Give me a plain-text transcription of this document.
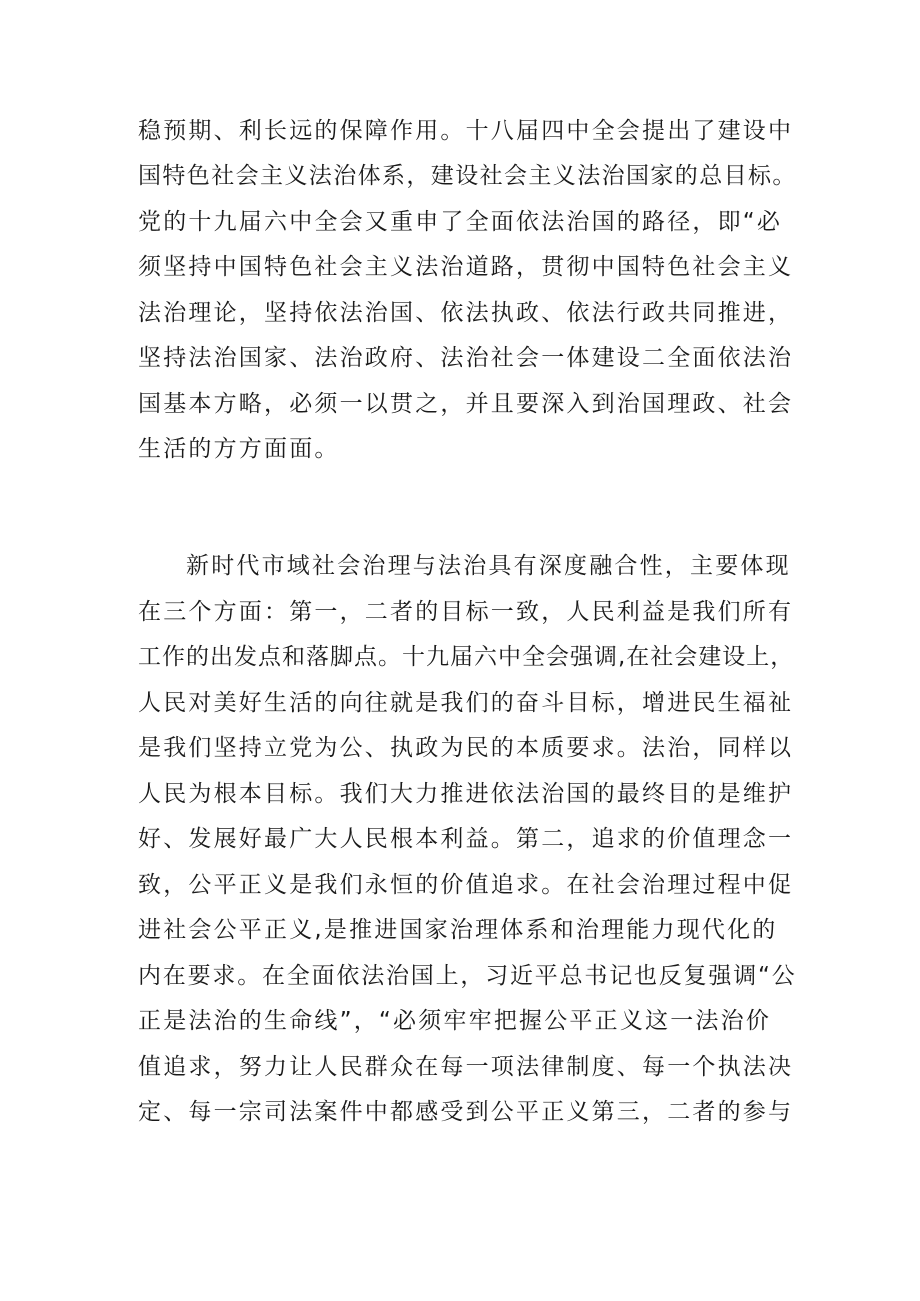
稳预期、利长远的保障作用。十八届四中全会提出了建设中
国特色社会主义法治体系，建设社会主义法治国家的总目标。
党的十九届六中全会又重申了全面依法治国的路径，即“必
须坚持中国特色社会主义法治道路，贯彻中国特色社会主义
法治理论，坚持依法治国、依法执政、依法行政共同推进，
坚持法治国家、法治政府、法治社会一体建设二全面依法治
国基本方略，必须一以贯之，并且要深入到治国理政、社会
生活的方方面面。
新时代市域社会治理与法治具有深度融合性，主要体现
在三个方面：第一，二者的目标一致，人民利益是我们所有
工作的出发点和落脚点。十九届六中全会强调,在社会建设上，
人民对美好生活的向往就是我们的奋斗目标，增进民生福祉
是我们坚持立党为公、执政为民的本质要求。法治，同样以
人民为根本目标。我们大力推进依法治国的最终目的是维护
好、发展好最广大人民根本利益。第二，追求的价值理念一
致，公平正义是我们永恒的价值追求。在社会治理过程中促
进社会公平正义,是推进国家治理体系和治理能力现代化的
内在要求。在全面依法治国上，习近平总书记也反复强调“公
正是法治的生命线”，“必须牢牢把握公平正义这一法治价
值追求，努力让人民群众在每一项法律制度、每一个执法决
定、每一宗司法案件中都感受到公平正义第三，二者的参与
